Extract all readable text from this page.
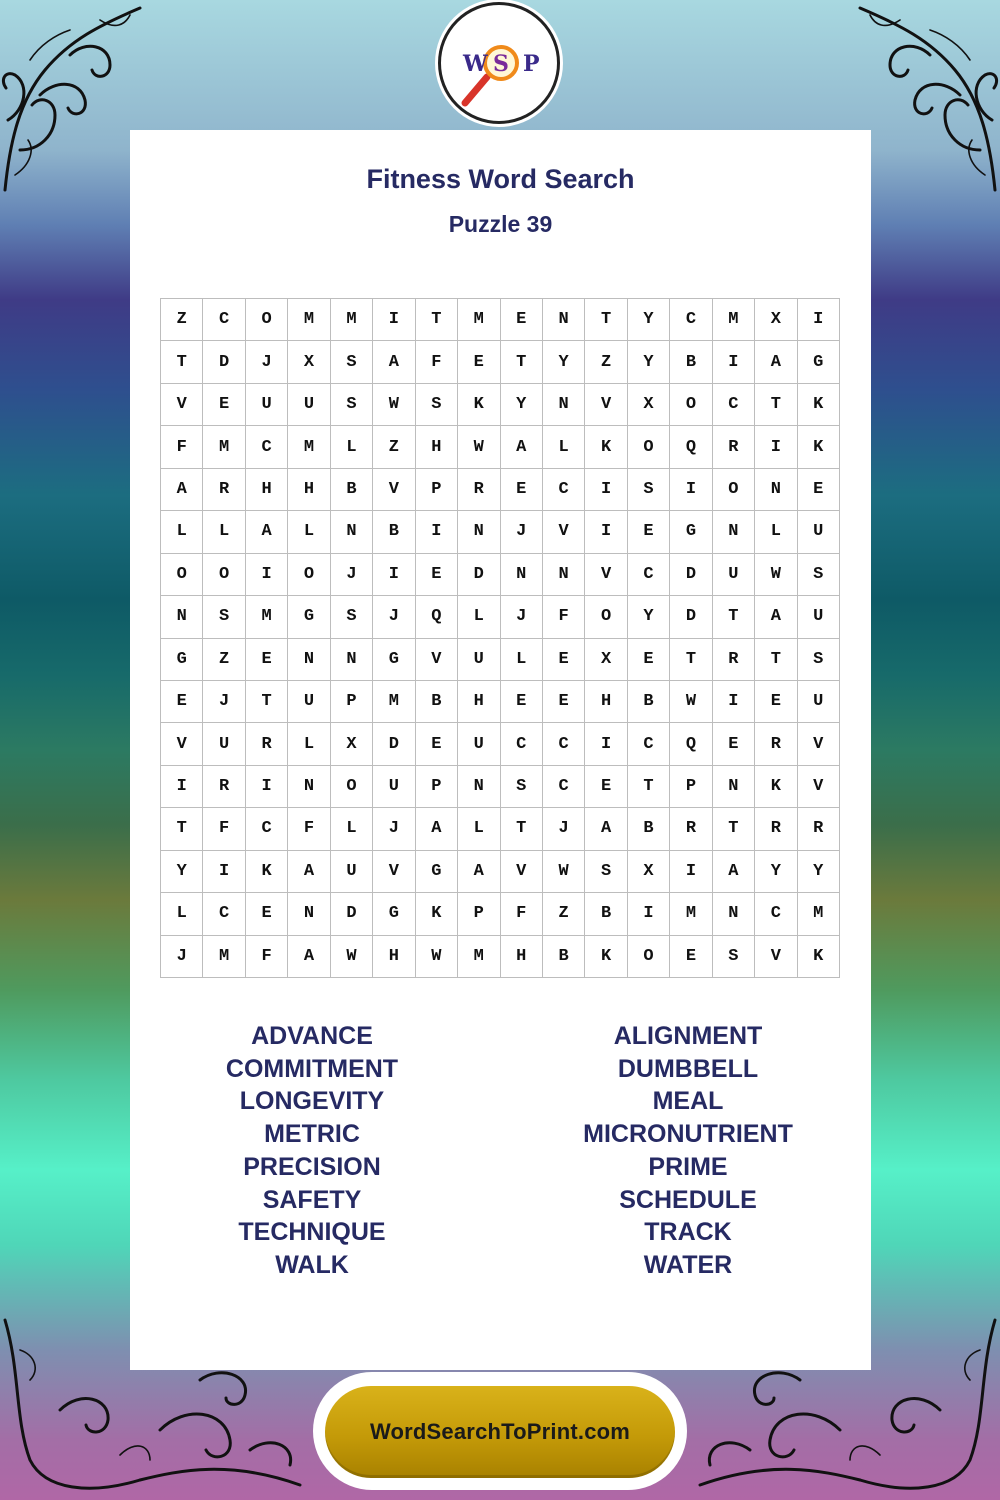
W S P
Fitness Word Search
Puzzle 39
Z	C	O	M	M	I	T	M	E	N	T	Y	C	M	X	I
T	D	J	X	S	A	F	E	T	Y	Z	Y	B	I	A	G
V	E	U	U	S	W	S	K	Y	N	V	X	O	C	T	K
F	M	C	M	L	Z	H	W	A	L	K	O	Q	R	I	K
A	R	H	H	B	V	P	R	E	C	I	S	I	O	N	E
L	L	A	L	N	B	I	N	J	V	I	E	G	N	L	U
O	O	I	O	J	I	E	D	N	N	V	C	D	U	W	S
N	S	M	G	S	J	Q	L	J	F	O	Y	D	T	A	U
G	Z	E	N	N	G	V	U	L	E	X	E	T	R	T	S
E	J	T	U	P	M	B	H	E	E	H	B	W	I	E	U
V	U	R	L	X	D	E	U	C	C	I	C	Q	E	R	V
I	R	I	N	O	U	P	N	S	C	E	T	P	N	K	V
T	F	C	F	L	J	A	L	T	J	A	B	R	T	R	R
Y	I	K	A	U	V	G	A	V	W	S	X	I	A	Y	Y
L	C	E	N	D	G	K	P	F	Z	B	I	M	N	C	M
J	M	F	A	W	H	W	M	H	B	K	O	E	S	V	K
ADVANCE
COMMITMENT
LONGEVITY
METRIC
PRECISION
SAFETY
TECHNIQUE
WALK
ALIGNMENT
DUMBBELL
MEAL
MICRONUTRIENT
PRIME
SCHEDULE
TRACK
WATER
WordSearchToPrint.com
